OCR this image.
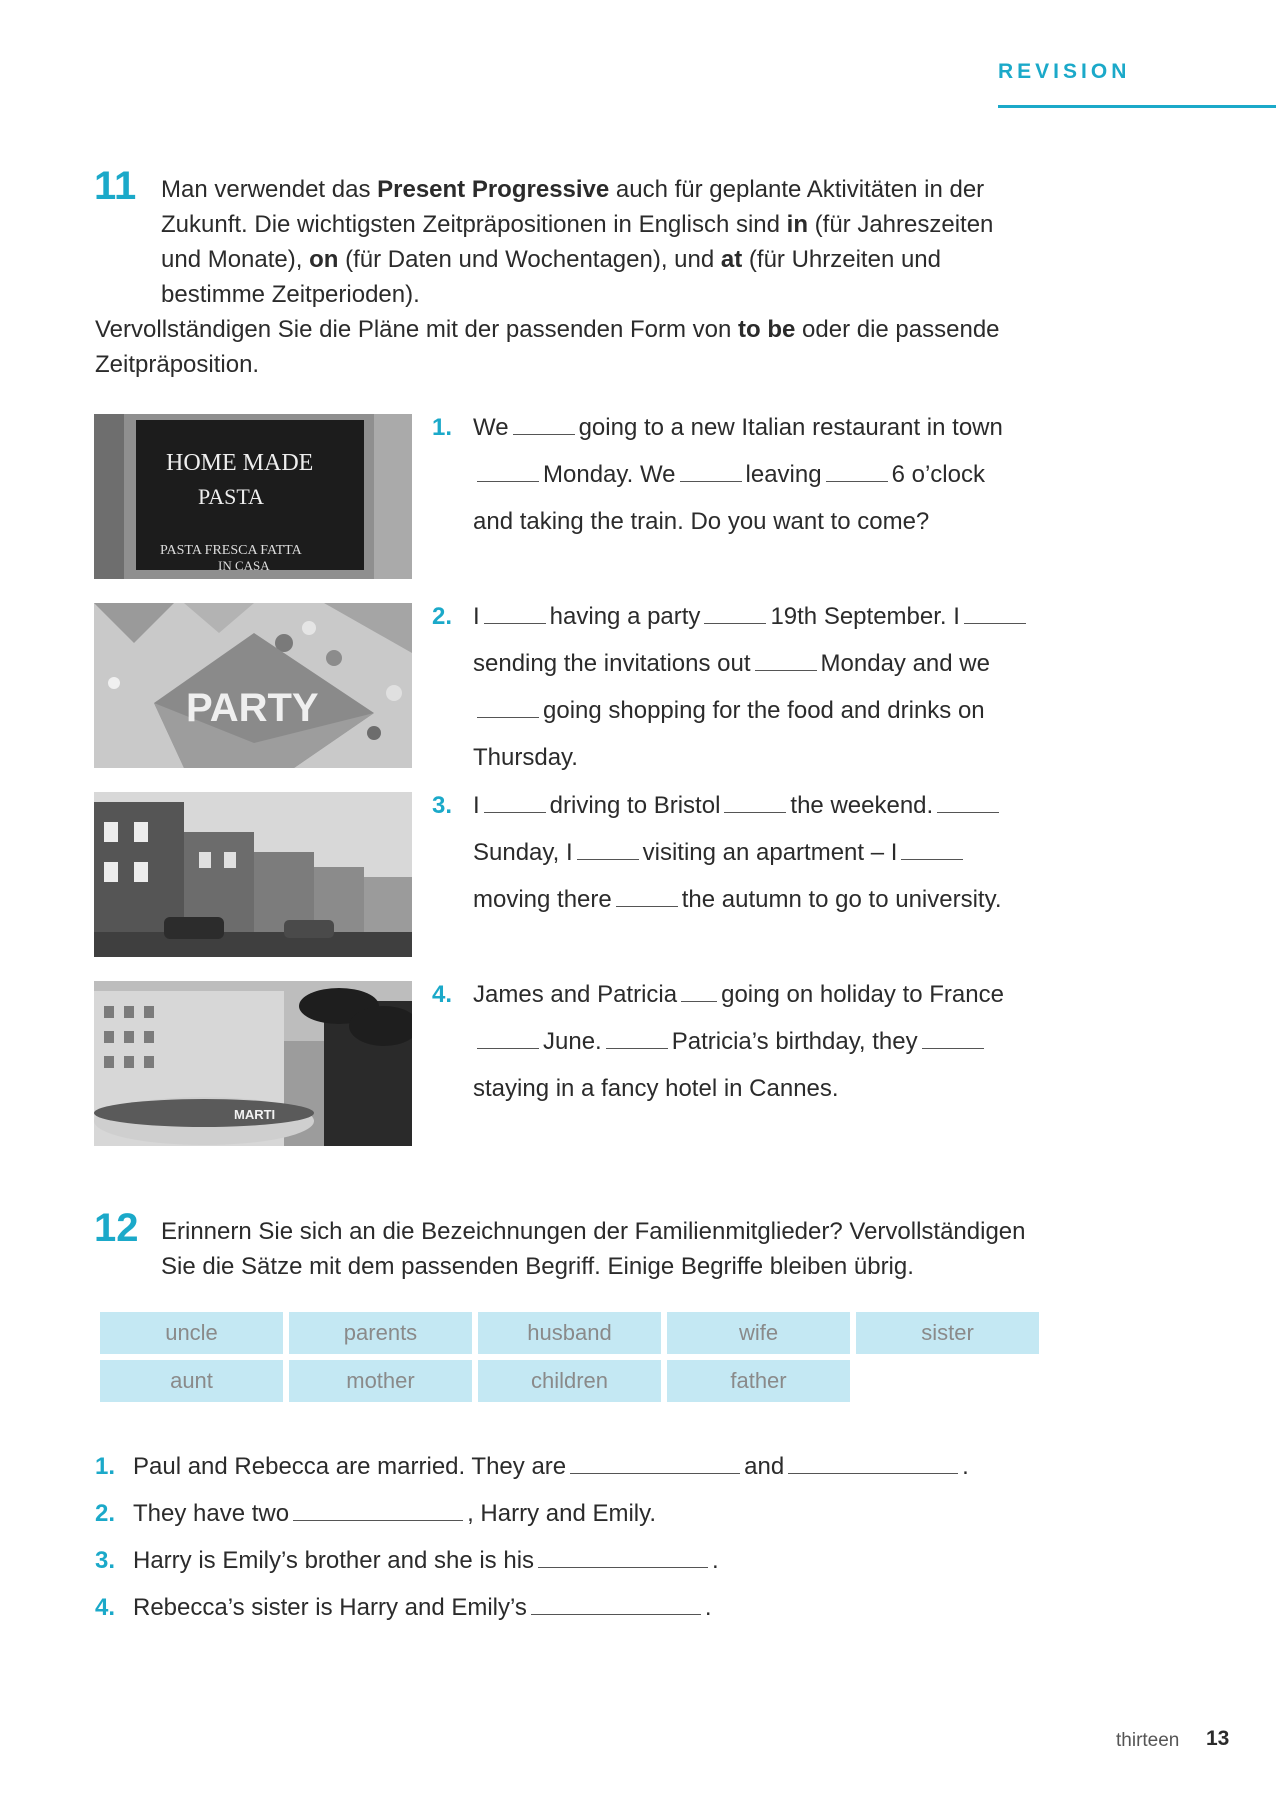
REVISION
11	Man verwendet das Present Progressive auch für geplante Aktivitäten in der Zukunft. Die wichtigsten Zeitpräpositionen in Englisch sind in (für Jahreszeiten und Monate), on (für Daten und Wochentagen), und at (für Uhrzeiten und bestimme Zeitperioden).
Vervollständigen Sie die Pläne mit der passenden Form von to be oder die passende Zeitpräposition.
HOME MADE
PASTA
PASTA FRESCA FATTA
IN CASA
PARTY
MARTI
1. We	going to a new Italian restaurant in town
Monday. We	leaving	6 o’clock
and taking the train. Do you want to come?
2. I	having a party	19th September. I
sending the invitations out	Monday and we
going shopping for the food and drinks on
Thursday.
3. I	driving to Bristol	the weekend.
Sunday, I	visiting an apartment – I
moving there	the autumn to go to university.
4. James and Patricia going on holiday to France
June.	Patricia’s birthday, they
staying in a fancy hotel in Cannes.
12 Erinnern Sie sich an die Bezeichnungen der Familienmitglieder? Vervollständigen Sie die Sätze mit dem passenden Begriff. Einige Begriffe bleiben übrig.
uncle	parents	husband	wife	sister
aunt	mother	children	father
1. Paul and Rebecca are married. They are	and	.
2. They have two	, Harry and Emily.
3. Harry is Emily’s brother and she is his	.
4. Rebecca’s sister is Harry and Emily’s	.
thirteen 13
